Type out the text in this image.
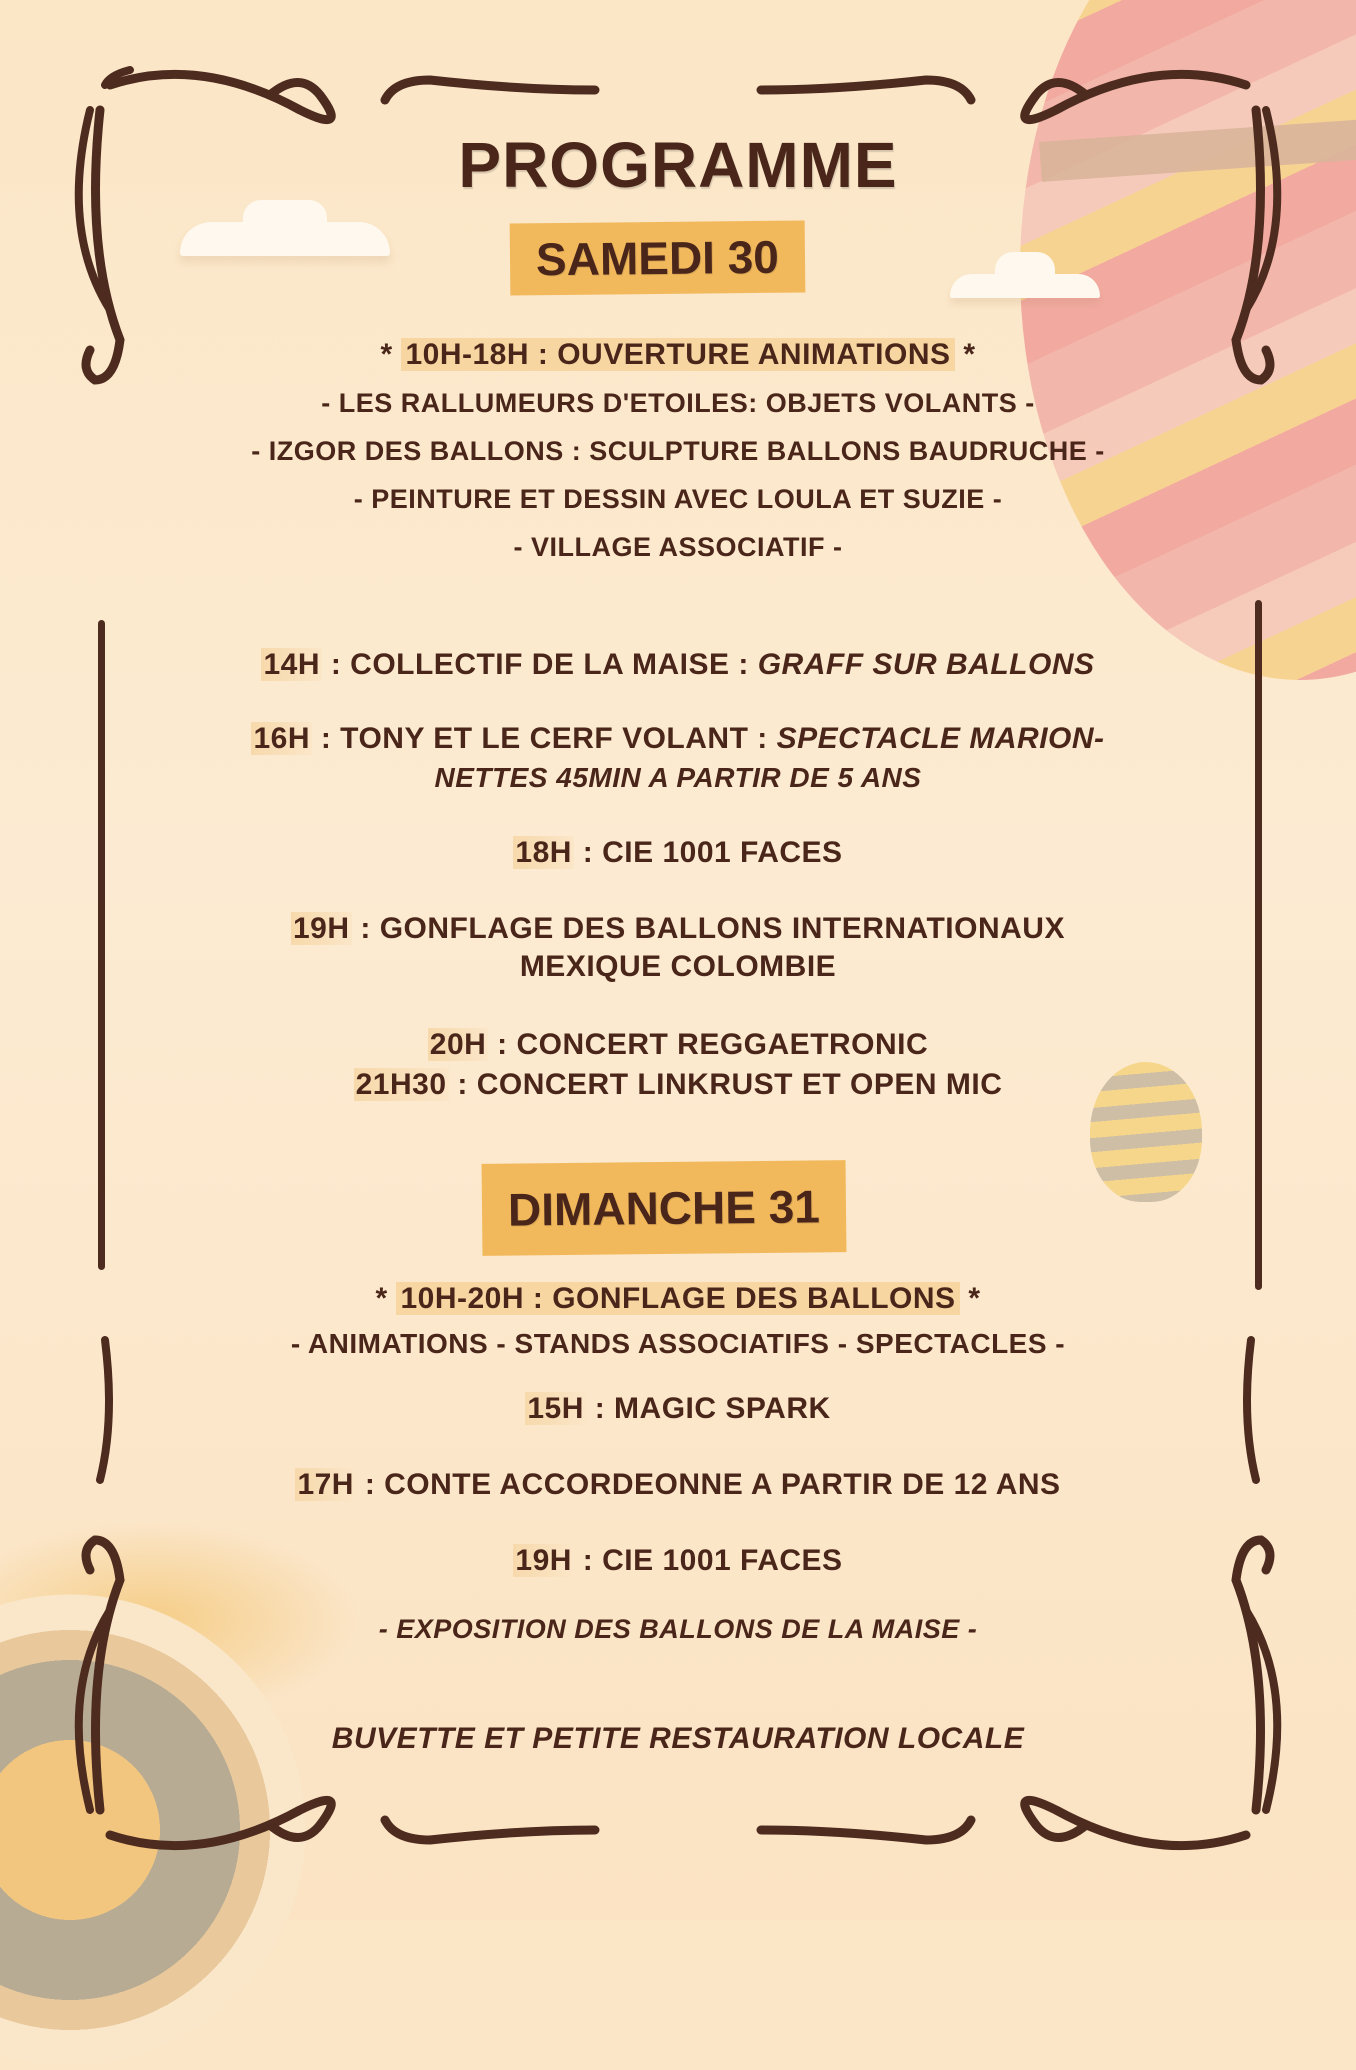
PROGRAMME
SAMEDI 30
* 10H-18H : OUVERTURE ANIMATIONS *
- LES RALLUMEURS D'ETOILES: OBJETS VOLANTS -
- IZGOR DES BALLONS : SCULPTURE BALLONS BAUDRUCHE -
- PEINTURE ET DESSIN AVEC LOULA ET SUZIE -
- VILLAGE ASSOCIATIF -
14H : COLLECTIF DE LA MAISE : GRAFF SUR BALLONS
16H : TONY ET LE CERF VOLANT : SPECTACLE MARION-
NETTES 45MIN A PARTIR DE 5 ANS
18H : CIE 1001 FACES
19H : GONFLAGE DES BALLONS INTERNATIONAUX
MEXIQUE COLOMBIE
20H : CONCERT REGGAETRONIC
21H30 : CONCERT LINKRUST ET OPEN MIC
DIMANCHE 31
* 10H-20H : GONFLAGE DES BALLONS *
- ANIMATIONS - STANDS ASSOCIATIFS - SPECTACLES -
15H : MAGIC SPARK
17H : CONTE ACCORDEONNE A PARTIR DE 12 ANS
19H : CIE 1001 FACES
- EXPOSITION DES BALLONS DE LA MAISE -
BUVETTE ET PETITE RESTAURATION LOCALE
